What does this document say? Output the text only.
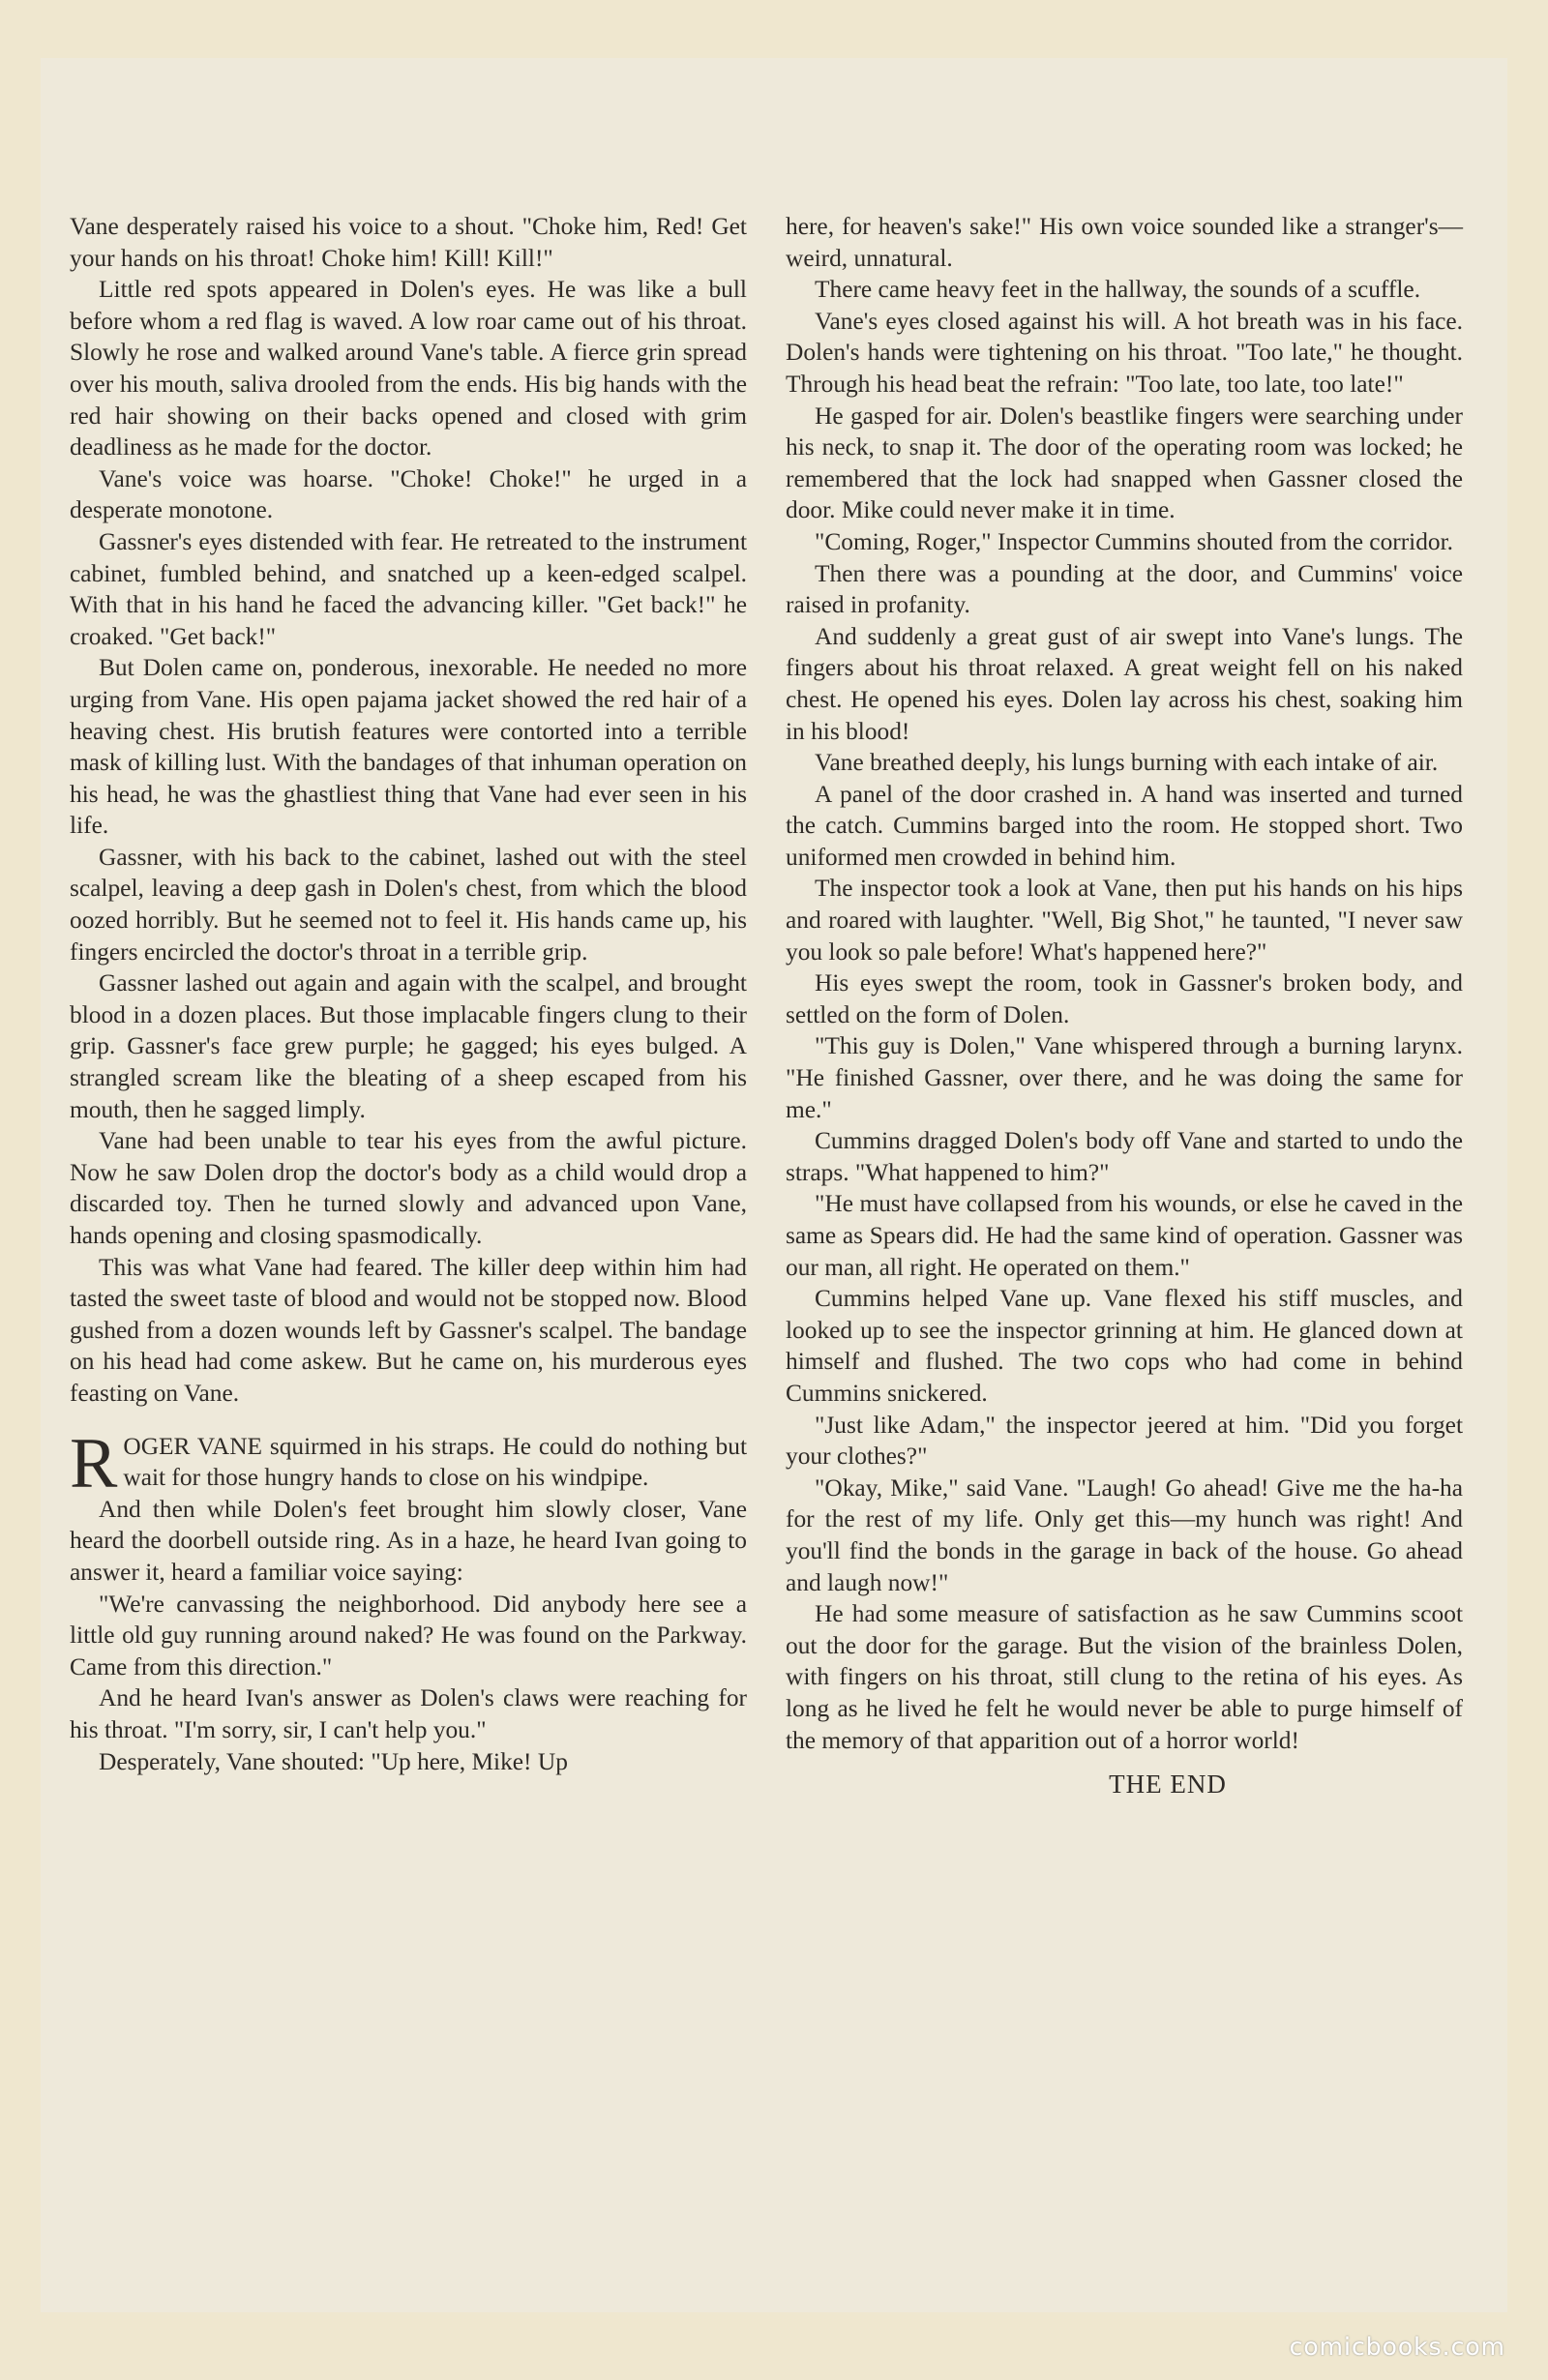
Vane desperately raised his voice to a shout. "Choke him, Red! Get your hands on his throat! Choke him! Kill! Kill!"

Little red spots appeared in Dolen's eyes. He was like a bull before whom a red flag is waved. A low roar came out of his throat. Slowly he rose and walked around Vane's table. A fierce grin spread over his mouth, saliva drooled from the ends. His big hands with the red hair showing on their backs opened and closed with grim deadliness as he made for the doctor.

Vane's voice was hoarse. "Choke! Choke!" he urged in a desperate monotone.

Gassner's eyes distended with fear. He retreated to the instrument cabinet, fumbled behind, and snatched up a keen-edged scalpel. With that in his hand he faced the advancing killer. "Get back!" he croaked. "Get back!"

But Dolen came on, ponderous, inexorable. He needed no more urging from Vane. His open pajama jacket showed the red hair of a heaving chest. His brutish features were contorted into a terrible mask of killing lust. With the bandages of that inhuman operation on his head, he was the ghastliest thing that Vane had ever seen in his life.

Gassner, with his back to the cabinet, lashed out with the steel scalpel, leaving a deep gash in Dolen's chest, from which the blood oozed horribly. But he seemed not to feel it. His hands came up, his fingers encircled the doctor's throat in a terrible grip.

Gassner lashed out again and again with the scalpel, and brought blood in a dozen places. But those implacable fingers clung to their grip. Gassner's face grew purple; he gagged; his eyes bulged. A strangled scream like the bleating of a sheep escaped from his mouth, then he sagged limply.

Vane had been unable to tear his eyes from the awful picture. Now he saw Dolen drop the doctor's body as a child would drop a discarded toy. Then he turned slowly and advanced upon Vane, hands opening and closing spasmodically.

This was what Vane had feared. The killer deep within him had tasted the sweet taste of blood and would not be stopped now. Blood gushed from a dozen wounds left by Gassner's scalpel. The bandage on his head had come askew. But he came on, his murderous eyes feasting on Vane.

ROGER VANE squirmed in his straps. He could do nothing but wait for those hungry hands to close on his windpipe.

And then while Dolen's feet brought him slowly closer, Vane heard the doorbell outside ring. As in a haze, he heard Ivan going to answer it, heard a familiar voice saying:

"We're canvassing the neighborhood. Did anybody here see a little old guy running around naked? He was found on the Parkway. Came from this direction."

And he heard Ivan's answer as Dolen's claws were reaching for his throat. "I'm sorry, sir, I can't help you."

Desperately, Vane shouted: "Up here, Mike! Up

here, for heaven's sake!" His own voice sounded like a stranger's—weird, unnatural.

There came heavy feet in the hallway, the sounds of a scuffle.

Vane's eyes closed against his will. A hot breath was in his face. Dolen's hands were tightening on his throat. "Too late," he thought. Through his head beat the refrain: "Too late, too late, too late!"

He gasped for air. Dolen's beastlike fingers were searching under his neck, to snap it. The door of the operating room was locked; he remembered that the lock had snapped when Gassner closed the door. Mike could never make it in time.

"Coming, Roger," Inspector Cummins shouted from the corridor.

Then there was a pounding at the door, and Cummins' voice raised in profanity.

And suddenly a great gust of air swept into Vane's lungs. The fingers about his throat relaxed. A great weight fell on his naked chest. He opened his eyes. Dolen lay across his chest, soaking him in his blood!

Vane breathed deeply, his lungs burning with each intake of air.

A panel of the door crashed in. A hand was inserted and turned the catch. Cummins barged into the room. He stopped short. Two uniformed men crowded in behind him.

The inspector took a look at Vane, then put his hands on his hips and roared with laughter. "Well, Big Shot," he taunted, "I never saw you look so pale before! What's happened here?"

His eyes swept the room, took in Gassner's broken body, and settled on the form of Dolen.

"This guy is Dolen," Vane whispered through a burning larynx. "He finished Gassner, over there, and he was doing the same for me."

Cummins dragged Dolen's body off Vane and started to undo the straps. "What happened to him?"

"He must have collapsed from his wounds, or else he caved in the same as Spears did. He had the same kind of operation. Gassner was our man, all right. He operated on them."

Cummins helped Vane up. Vane flexed his stiff muscles, and looked up to see the inspector grinning at him. He glanced down at himself and flushed. The two cops who had come in behind Cummins snickered.

"Just like Adam," the inspector jeered at him. "Did you forget your clothes?"

"Okay, Mike," said Vane. "Laugh! Go ahead! Give me the ha-ha for the rest of my life. Only get this—my hunch was right! And you'll find the bonds in the garage in back of the house. Go ahead and laugh now!"

He had some measure of satisfaction as he saw Cummins scoot out the door for the garage. But the vision of the brainless Dolen, with fingers on his throat, still clung to the retina of his eyes. As long as he lived he felt he would never be able to purge himself of the memory of that apparition out of a horror world!

THE END
comicbooks.com
